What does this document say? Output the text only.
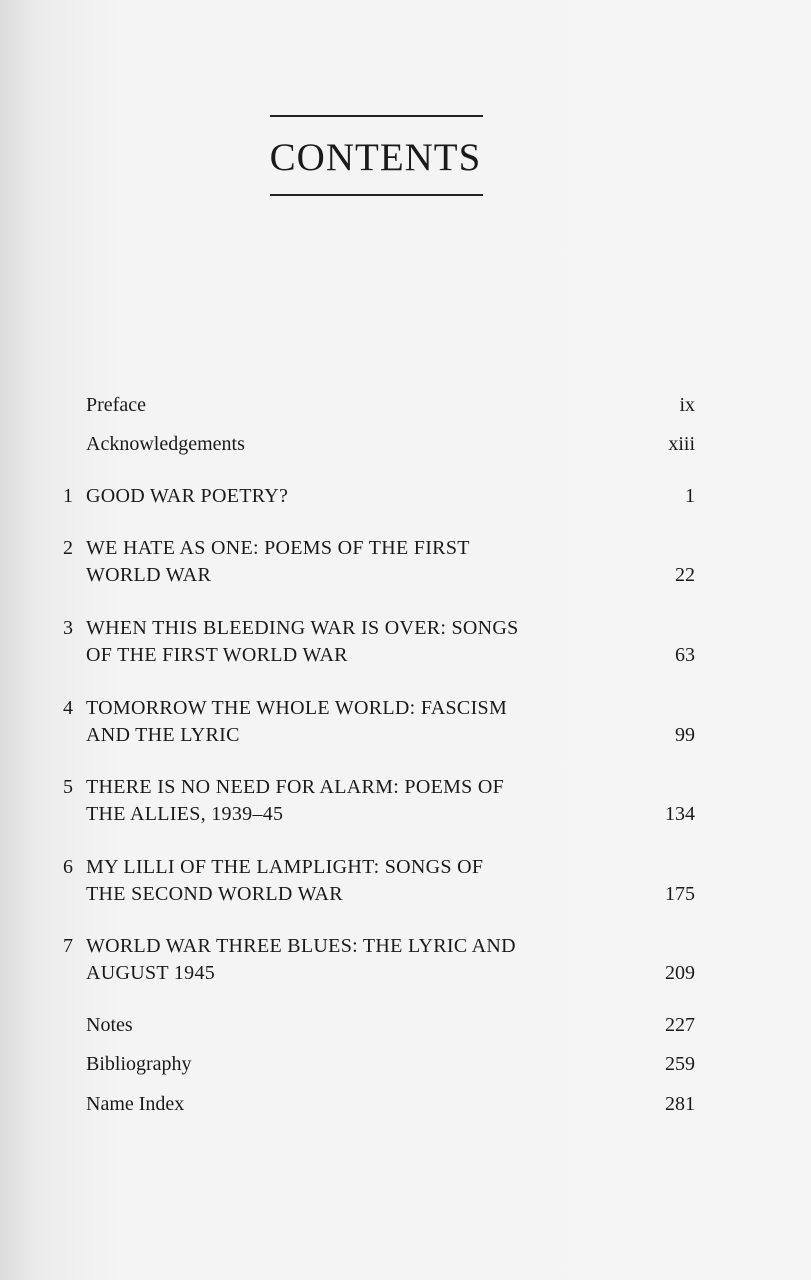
CONTENTS
Preface	ix
Acknowledgements	xiii
1 GOOD WAR POETRY?	1
2 WE HATE AS ONE: POEMS OF THE FIRST
WORLD WAR	22
3 WHEN THIS BLEEDING WAR IS OVER: SONGS
OF THE FIRST WORLD WAR	63
4 TOMORROW THE WHOLE WORLD: FASCISM
AND THE LYRIC	99
5 THERE IS NO NEED FOR ALARM: POEMS OF
THE ALLIES, 1939–45	134
6 MY LILLI OF THE LAMPLIGHT: SONGS OF
THE SECOND WORLD WAR	175
7 WORLD WAR THREE BLUES: THE LYRIC AND
AUGUST 1945	209
Notes	227
Bibliography	259
Name Index	281
